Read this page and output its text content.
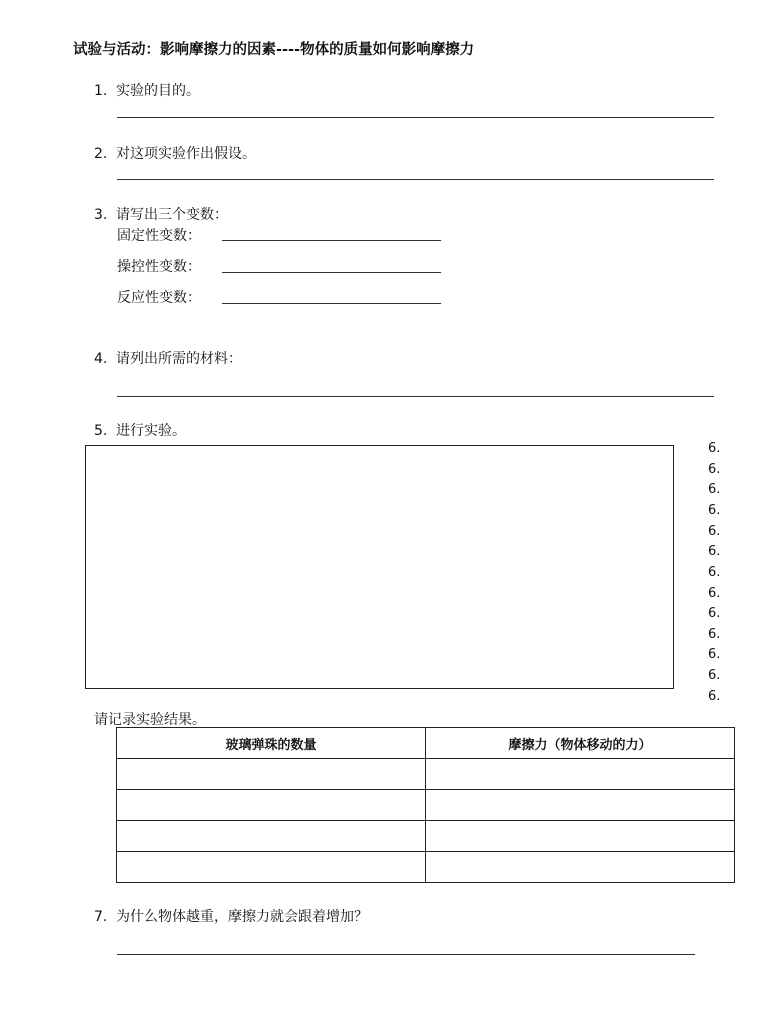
试验与活动：影响摩擦力的因素----物体的质量如何影响摩擦力
1. 实验的目的。
2. 对这项实验作出假设。
3. 请写出三个变数：
固定性变数：
操控性变数：
反应性变数：
4. 请列出所需的材料：
5. 进行实验。
6.
6.
6.
6.
6.
6.
6.
6.
6.
6.
6.
6.
6.
请记录实验结果。
玻璃弹珠的数量	摩擦力（物体移动的力）

7. 为什么物体越重，摩擦力就会跟着增加？
